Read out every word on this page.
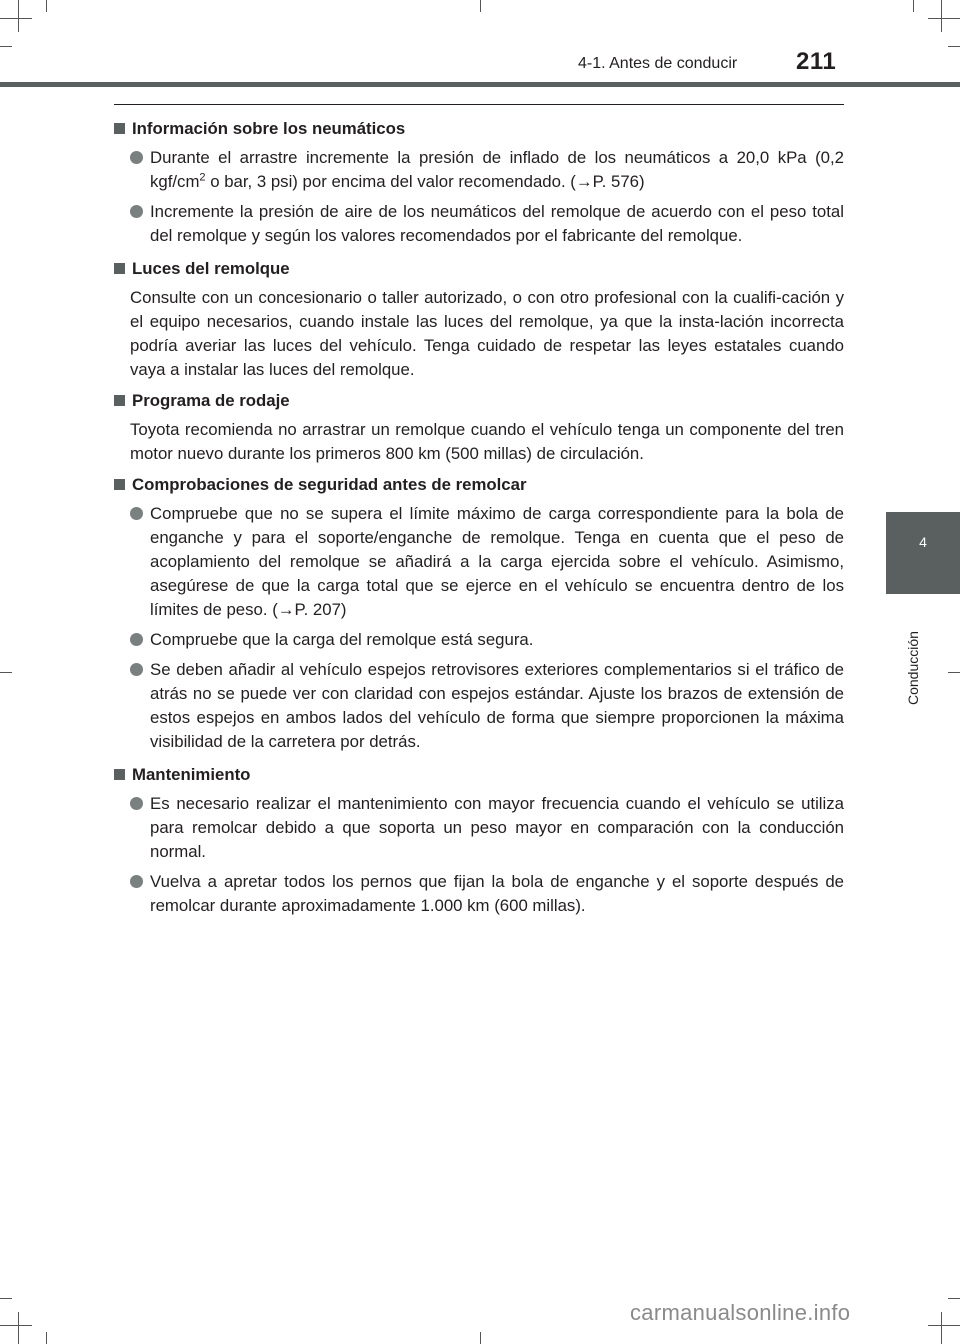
4-1. Antes de conducir 211
4
Conducción
Información sobre los neumáticos
Durante el arrastre incremente la presión de inflado de los neumáticos a 20,0 kPa (0,2 kgf/$cm^2$ o bar, 3 psi) por encima del valor recomendado. (→P. 576)
Incremente la presión de aire de los neumáticos del remolque de acuerdo con el peso total del remolque y según los valores recomendados por el fabricante del remolque.
Luces del remolque
Consulte con un concesionario o taller autorizado, o con otro profesional con la cualifi-cación y el equipo necesarios, cuando instale las luces del remolque, ya que la insta-lación incorrecta podría averiar las luces del vehículo. Tenga cuidado de respetar las leyes estatales cuando vaya a instalar las luces del remolque.
Programa de rodaje
Toyota recomienda no arrastrar un remolque cuando el vehículo tenga un componente del tren motor nuevo durante los primeros 800 km (500 millas) de circulación.
Comprobaciones de seguridad antes de remolcar
Compruebe que no se supera el límite máximo de carga correspondiente para la bola de enganche y para el soporte/enganche de remolque. Tenga en cuenta que el peso de acoplamiento del remolque se añadirá a la carga ejercida sobre el vehículo. Asimismo, asegúrese de que la carga total que se ejerce en el vehículo se encuentra dentro de los límites de peso. (→P. 207)
Compruebe que la carga del remolque está segura.
Se deben añadir al vehículo espejos retrovisores exteriores complementarios si el tráfico de atrás no se puede ver con claridad con espejos estándar. Ajuste los brazos de extensión de estos espejos en ambos lados del vehículo de forma que siempre proporcionen la máxima visibilidad de la carretera por detrás.
Mantenimiento
Es necesario realizar el mantenimiento con mayor frecuencia cuando el vehículo se utiliza para remolcar debido a que soporta un peso mayor en comparación con la conducción normal.
Vuelva a apretar todos los pernos que fijan la bola de enganche y el soporte después de remolcar durante aproximadamente 1.000 km (600 millas).
carmanualsonline.info
